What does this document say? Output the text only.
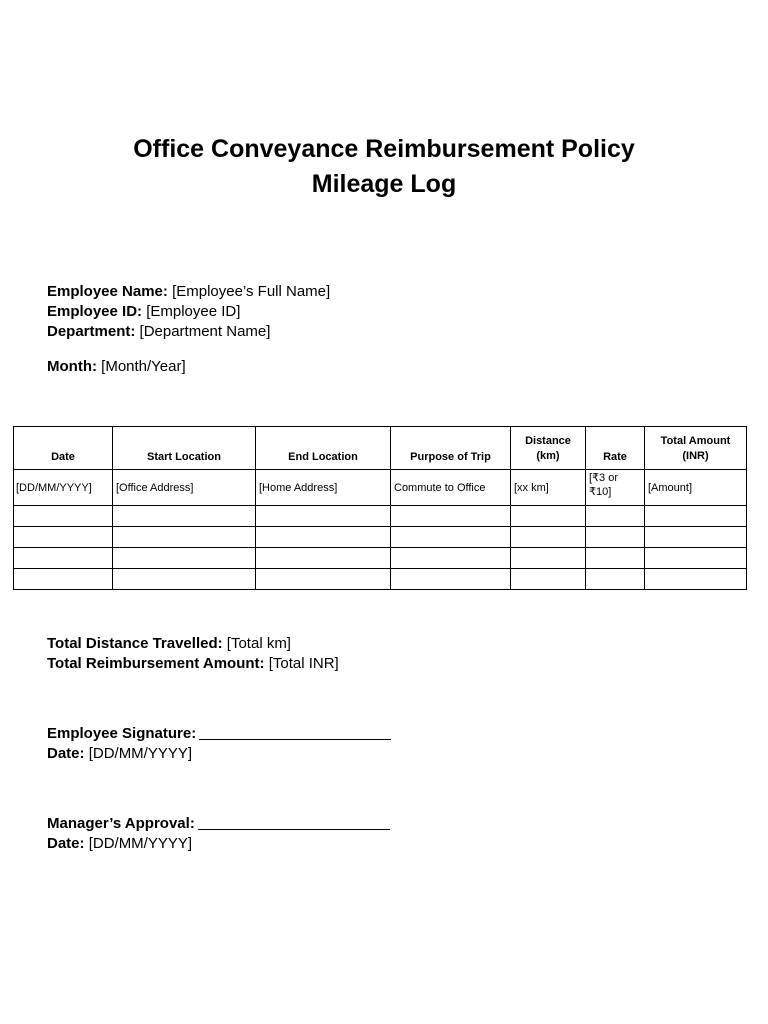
Office Conveyance Reimbursement Policy
Mileage Log
Employee Name: [Employee’s Full Name]
Employee ID: [Employee ID]
Department: [Department Name]
Month: [Month/Year]
Date	Start Location	End Location	Purpose of Trip	Distance (km)	Rate	Total Amount (INR)
[DD/MM/YYYY]	[Office Address]	[Home Address]	Commute to Office	[xx km]	[₹3 or ₹10]	[Amount]

Total Distance Travelled: [Total km]
Total Reimbursement Amount: [Total INR]
Employee Signature:
Date: [DD/MM/YYYY]
Manager’s Approval:
Date: [DD/MM/YYYY]
